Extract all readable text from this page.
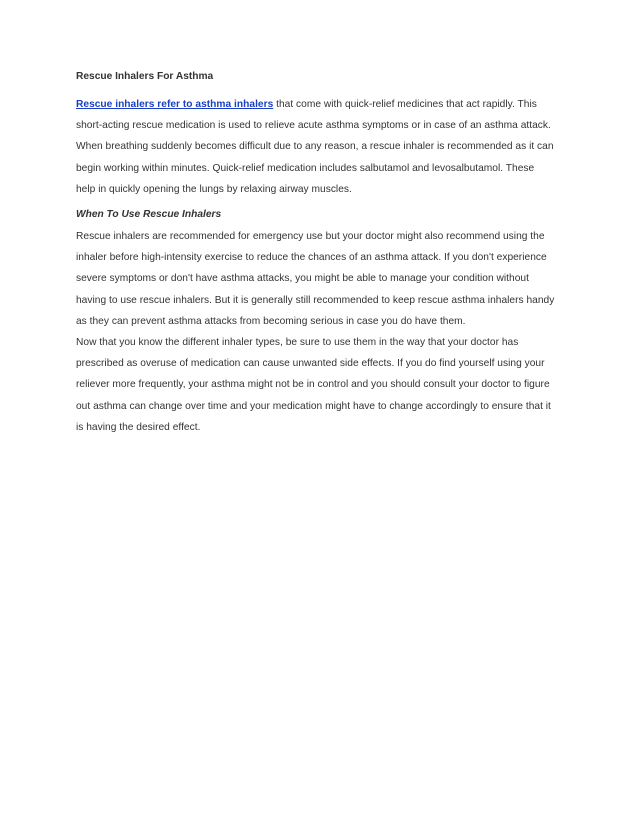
Rescue Inhalers For Asthma
Rescue inhalers refer to asthma inhalers that come with quick-relief medicines that act rapidly. This
short-acting rescue medication is used to relieve acute asthma symptoms or in case of an asthma attack.
When breathing suddenly becomes difficult due to any reason, a rescue inhaler is recommended as it can
begin working within minutes. Quick-relief medication includes salbutamol and levosalbutamol. These
help in quickly opening the lungs by relaxing airway muscles.
When To Use Rescue Inhalers
Rescue inhalers are recommended for emergency use but your doctor might also recommend using the
inhaler before high-intensity exercise to reduce the chances of an asthma attack. If you don't experience
severe symptoms or don't have asthma attacks, you might be able to manage your condition without
having to use rescue inhalers. But it is generally still recommended to keep rescue asthma inhalers handy
as they can prevent asthma attacks from becoming serious in case you do have them.
Now that you know the different inhaler types, be sure to use them in the way that your doctor has
prescribed as overuse of medication can cause unwanted side effects. If you do find yourself using your
reliever more frequently, your asthma might not be in control and you should consult your doctor to figure
out asthma can change over time and your medication might have to change accordingly to ensure that it
is having the desired effect.
